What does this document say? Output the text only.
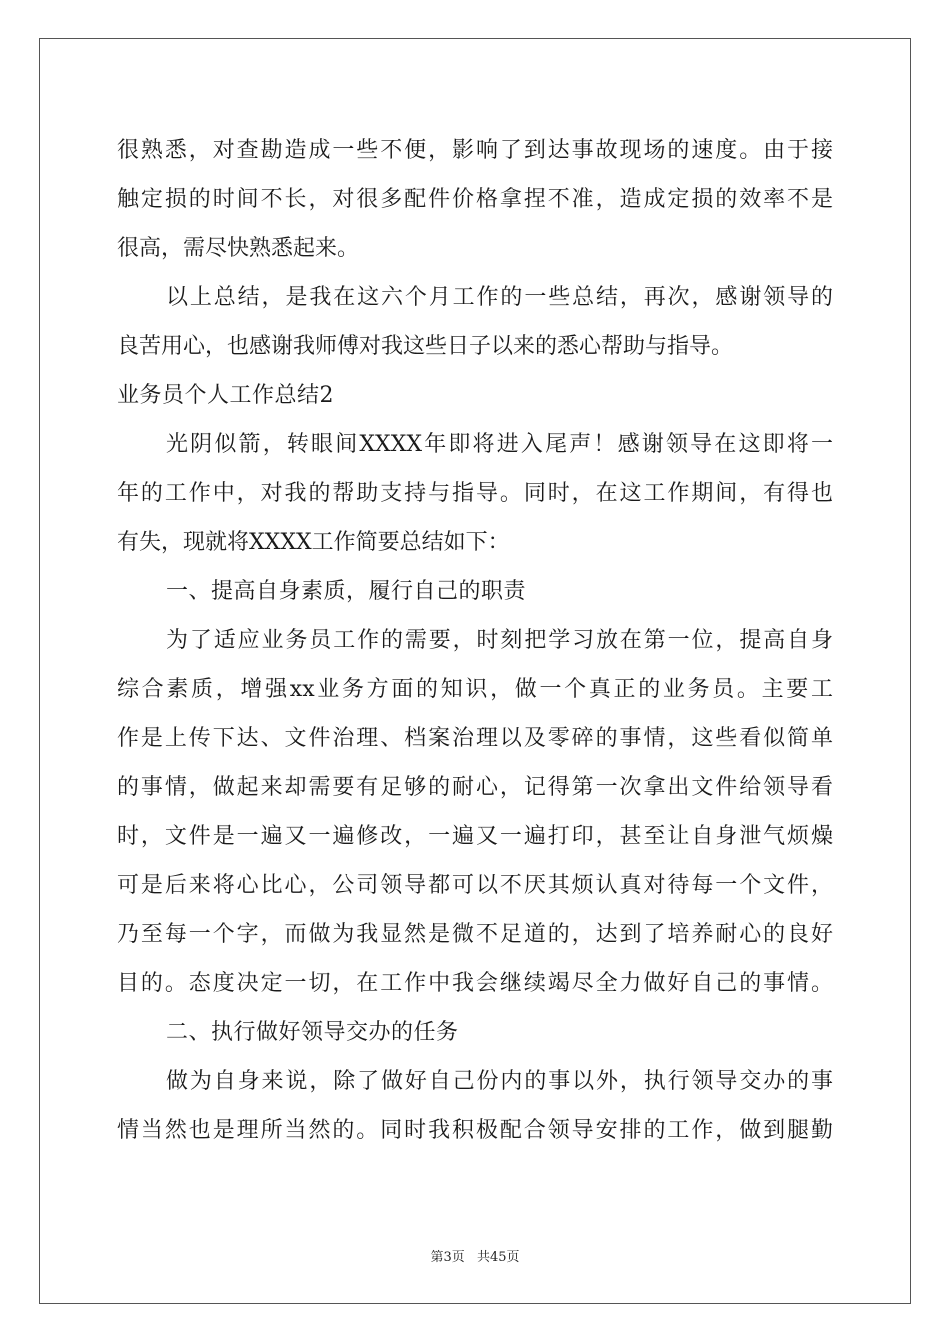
很熟悉，对查勘造成一些不便，影响了到达事故现场的速度。由于接
触定损的时间不长，对很多配件价格拿捏不准，造成定损的效率不是
很高，需尽快熟悉起来。
以上总结，是我在这六个月工作的一些总结，再次，感谢领导的
良苦用心，也感谢我师傅对我这些日子以来的悉心帮助与指导。
业务员个人工作总结2
光阴似箭，转眼间XXXX年即将进入尾声！感谢领导在这即将一
年的工作中，对我的帮助支持与指导。同时，在这工作期间，有得也
有失，现就将XXXX工作简要总结如下：
一、提高自身素质，履行自己的职责
为了适应业务员工作的需要，时刻把学习放在第一位，提高自身
综合素质，增强xx业务方面的知识，做一个真正的业务员。主要工
作是上传下达、文件治理、档案治理以及零碎的事情，这些看似简单
的事情，做起来却需要有足够的耐心，记得第一次拿出文件给领导看
时，文件是一遍又一遍修改，一遍又一遍打印，甚至让自身泄气烦燥
可是后来将心比心，公司领导都可以不厌其烦认真对待每一个文件，
乃至每一个字，而做为我显然是微不足道的，达到了培养耐心的良好
目的。态度决定一切，在工作中我会继续竭尽全力做好自己的事情。
二、执行做好领导交办的任务
做为自身来说，除了做好自己份内的事以外，执行领导交办的事
情当然也是理所当然的。同时我积极配合领导安排的工作，做到腿勤
第3页 共45页
